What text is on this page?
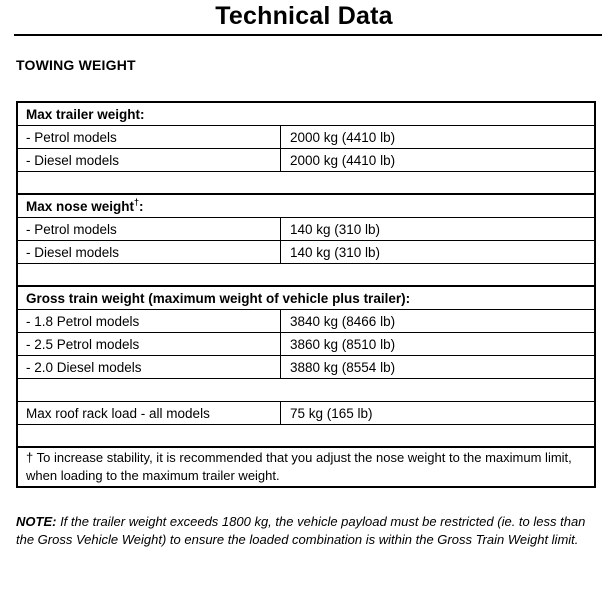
Technical Data
TOWING WEIGHT
Max trailer weight:
- Petrol models	2000 kg (4410 lb)
- Diesel models	2000 kg (4410 lb)
Max nose weight†:
- Petrol models	140 kg (310 lb)
- Diesel models	140 kg (310 lb)
Gross train weight (maximum weight of vehicle plus trailer):
- 1.8 Petrol models	3840 kg (8466 lb)
- 2.5 Petrol models	3860 kg (8510 lb)
- 2.0 Diesel models	3880 kg (8554 lb)
Max roof rack load - all models	75 kg (165 lb)
† To increase stability, it is recommended that you adjust the nose weight to the maximum limit, when loading to the maximum trailer weight.
NOTE: If the trailer weight exceeds 1800 kg, the vehicle payload must be restricted (ie. to less than the Gross Vehicle Weight) to ensure the loaded combination is within the Gross Train Weight limit.
